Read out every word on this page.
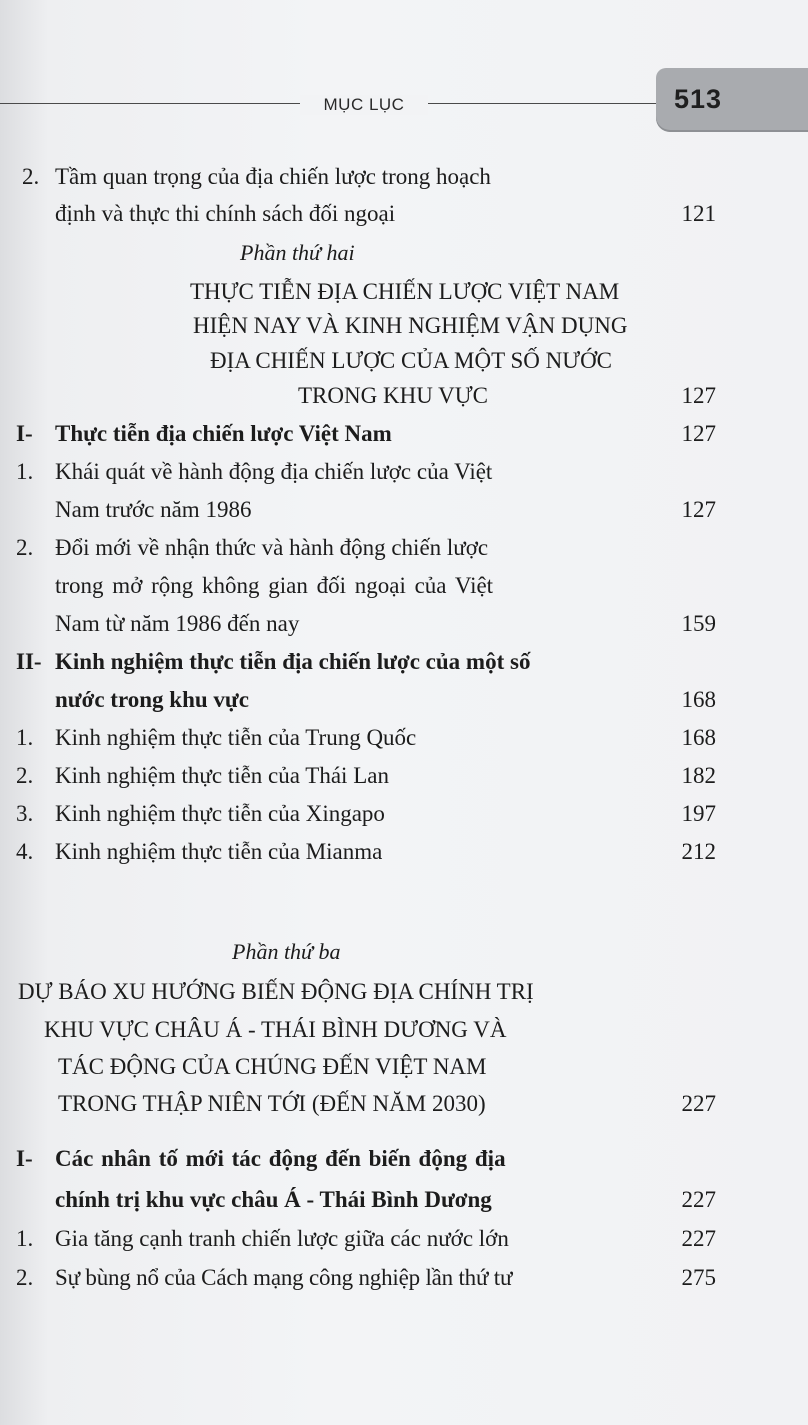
MỤC LỤC	513
2. Tầm quan trọng của địa chiến lược trong hoạch
định và thực thi chính sách đối ngoại	121
Phần thứ hai
THỰC TIỄN ĐỊA CHIẾN LƯỢC VIỆT NAM
HIỆN NAY VÀ KINH NGHIỆM VẬN DỤNG
ĐỊA CHIẾN LƯỢC CỦA MỘT SỐ NƯỚC
TRONG KHU VỰC	127
I- Thực tiễn địa chiến lược Việt Nam	127
1. Khái quát về hành động địa chiến lược của Việt
Nam trước năm 1986	127
2. Đổi mới về nhận thức và hành động chiến lược
trong mở rộng không gian đối ngoại của Việt
Nam từ năm 1986 đến nay	159
II- Kinh nghiệm thực tiễn địa chiến lược của một số
nước trong khu vực	168
1. Kinh nghiệm thực tiễn của Trung Quốc	168
2. Kinh nghiệm thực tiễn của Thái Lan	182
3. Kinh nghiệm thực tiễn của Xingapo	197
4. Kinh nghiệm thực tiễn của Mianma	212
Phần thứ ba
DỰ BÁO XU HƯỚNG BIẾN ĐỘNG ĐỊA CHÍNH TRỊ
KHU VỰC CHÂU Á - THÁI BÌNH DƯƠNG VÀ
TÁC ĐỘNG CỦA CHÚNG ĐẾN VIỆT NAM
TRONG THẬP NIÊN TỚI (ĐẾN NĂM 2030)	227
I- Các nhân tố mới tác động đến biến động địa
chính trị khu vực châu Á - Thái Bình Dương	227
1. Gia tăng cạnh tranh chiến lược giữa các nước lớn	227
2. Sự bùng nổ của Cách mạng công nghiệp lần thứ tư	275
